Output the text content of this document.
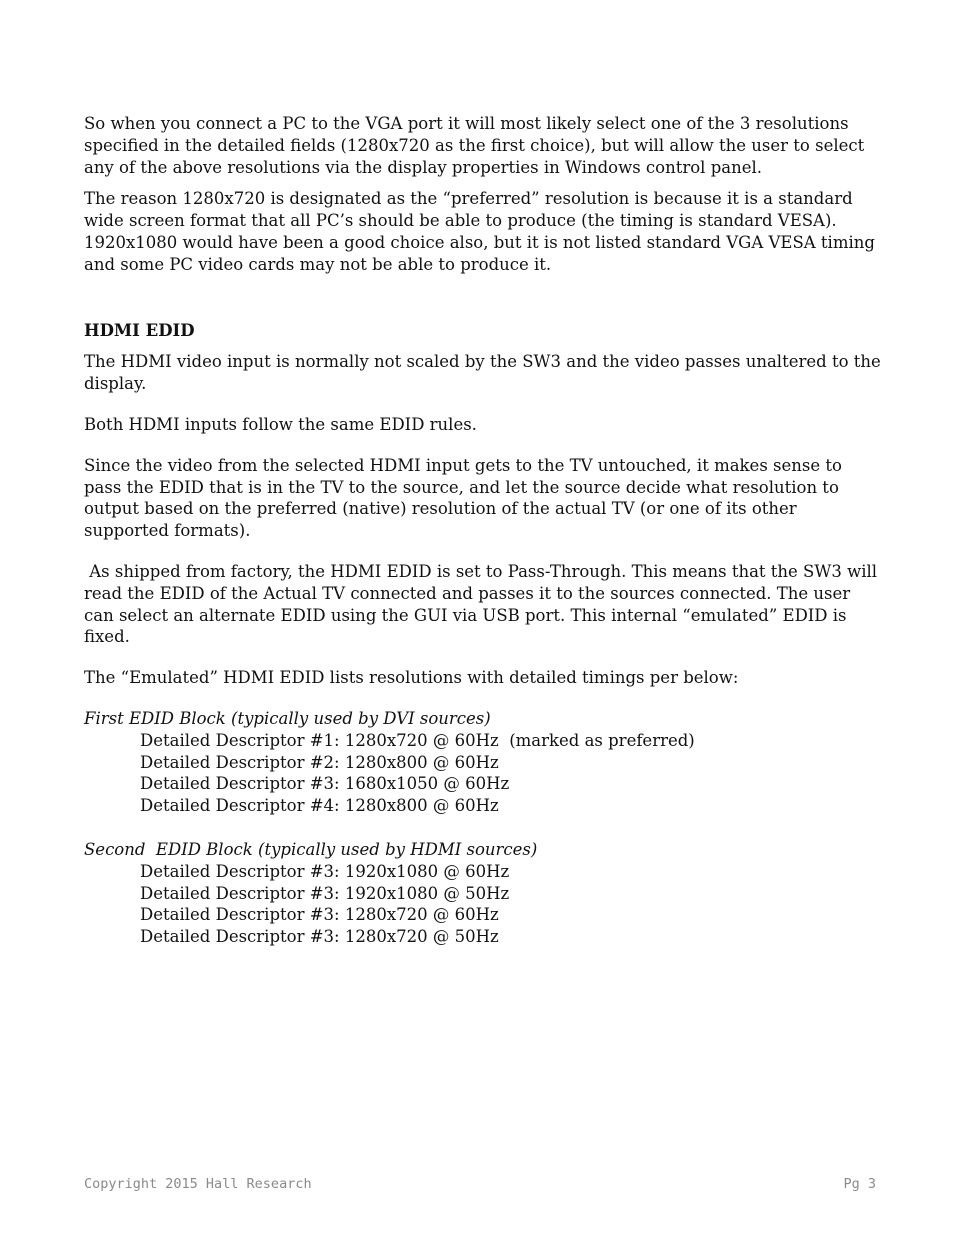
So when you connect a PC to the VGA port it will most likely select one of the 3 resolutions specified in the detailed fields (1280x720 as the first choice), but will allow the user to select any of the above resolutions via the display properties in Windows control panel.

The reason 1280x720 is designated as the “preferred” resolution is because it is a standard wide screen format that all PC’s should be able to produce (the timing is standard VESA). 1920x1080 would have been a good choice also, but it is not listed standard VGA VESA timing and some PC video cards may not be able to produce it.

HDMI EDID

The HDMI video input is normally not scaled by the SW3 and the video passes unaltered to the display.

Both HDMI inputs follow the same EDID rules.

Since the video from the selected HDMI input gets to the TV untouched, it makes sense to pass the EDID that is in the TV to the source, and let the source decide what resolution to output based on the preferred (native) resolution of the actual TV (or one of its other supported formats).

As shipped from factory, the HDMI EDID is set to Pass-Through. This means that the SW3 will read the EDID of the Actual TV connected and passes it to the sources connected. The user can select an alternate EDID using the GUI via USB port. This internal “emulated” EDID is fixed.

The “Emulated” HDMI EDID lists resolutions with detailed timings per below:

First EDID Block (typically used by DVI sources)

Detailed Descriptor #1: 1280x720 @ 60Hz  (marked as preferred)

Detailed Descriptor #2: 1280x800 @ 60Hz

Detailed Descriptor #3: 1680x1050 @ 60Hz

Detailed Descriptor #4: 1280x800 @ 60Hz

Second  EDID Block (typically used by HDMI sources)

Detailed Descriptor #3: 1920x1080 @ 60Hz

Detailed Descriptor #3: 1920x1080 @ 50Hz

Detailed Descriptor #3: 1280x720 @ 60Hz

Detailed Descriptor #3: 1280x720 @ 50Hz

Copyright 2015 Hall Research	Pg 3
